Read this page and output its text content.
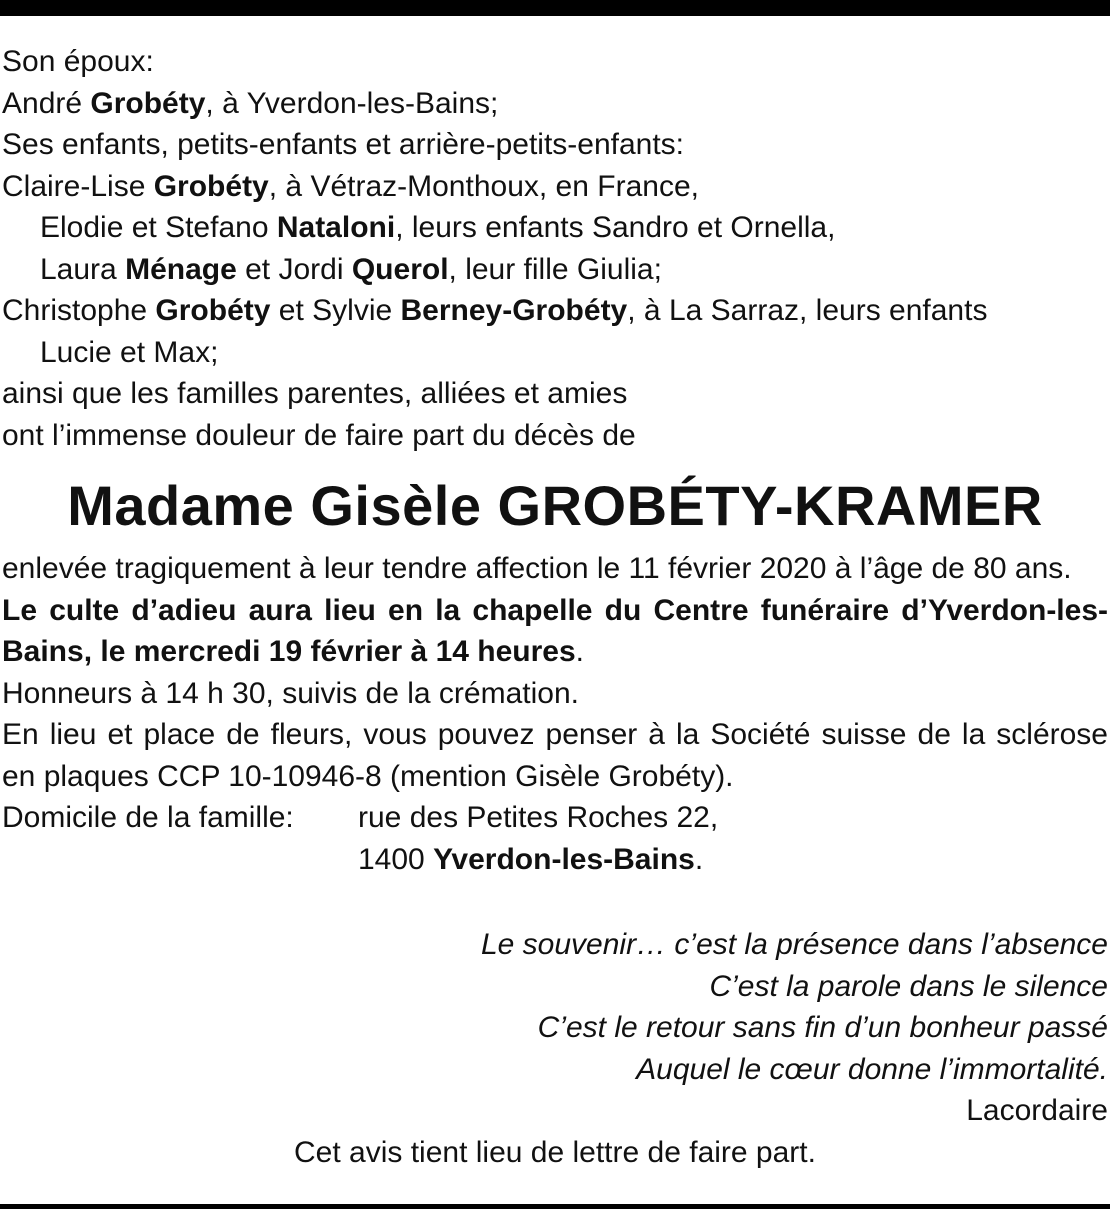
Son époux:
André Grobéty, à Yverdon-les-Bains;
Ses enfants, petits-enfants et arrière-petits-enfants:
Claire-Lise Grobéty, à Vétraz-Monthoux, en France,
Elodie et Stefano Nataloni, leurs enfants Sandro et Ornella,
Laura Ménage et Jordi Querol, leur fille Giulia;
Christophe Grobéty et Sylvie Berney-Grobéty, à La Sarraz, leurs enfants
Lucie et Max;
ainsi que les familles parentes, alliées et amies
ont l’immense douleur de faire part du décès de
Madame Gisèle GROBÉTY-KRAMER
enlevée tragiquement à leur tendre affection le 11 février 2020 à l’âge de 80 ans.
Le culte d’adieu aura lieu en la chapelle du Centre funéraire d’Yverdon-les-Bains, le mercredi 19 février à 14 heures.
Honneurs à 14 h 30, suivis de la crémation.
En lieu et place de fleurs, vous pouvez penser à la Société suisse de la sclérose en plaques CCP 10-10946-8 (mention Gisèle Grobéty).
Domicile de la famille: rue des Petites Roches 22,
1400 Yverdon-les-Bains.
Le souvenir… c’est la présence dans l’absence
C’est la parole dans le silence
C’est le retour sans fin d’un bonheur passé
Auquel le cœur donne l’immortalité.
Lacordaire
Cet avis tient lieu de lettre de faire part.
